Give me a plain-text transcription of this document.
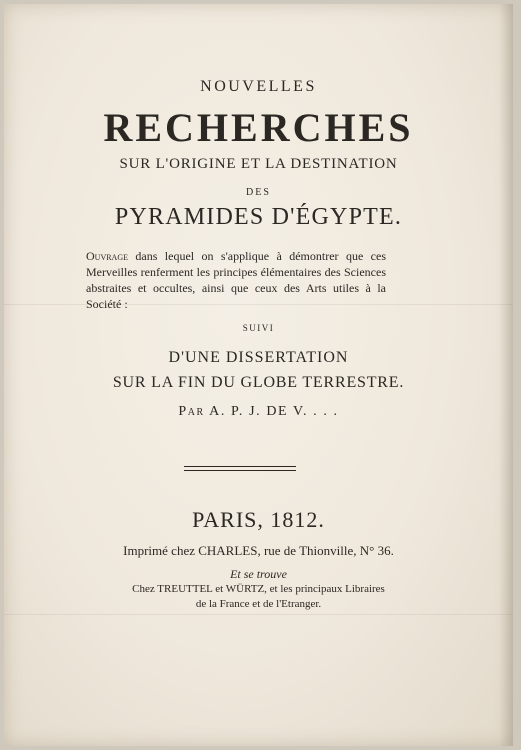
NOUVELLES
RECHERCHES
SUR L'ORIGINE ET LA DESTINATION
DES
PYRAMIDES D'ÉGYPTE.
Ouvrage dans lequel on s'applique à démontrer que ces Merveilles renferment les principes élémentaires des Sciences abstraites et occultes, ainsi que ceux des Arts utiles à la Société :
SUIVI
D'UNE DISSERTATION
SUR LA FIN DU GLOBE TERRESTRE.
Par A. P. J. DE V. . . .
PARIS, 1812.
Imprimé chez CHARLES, rue de Thionville, N° 36.
Et se trouve
Chez TREUTTEL et WÜRTZ, et les principaux Libraires
de la France et de l'Etranger.
